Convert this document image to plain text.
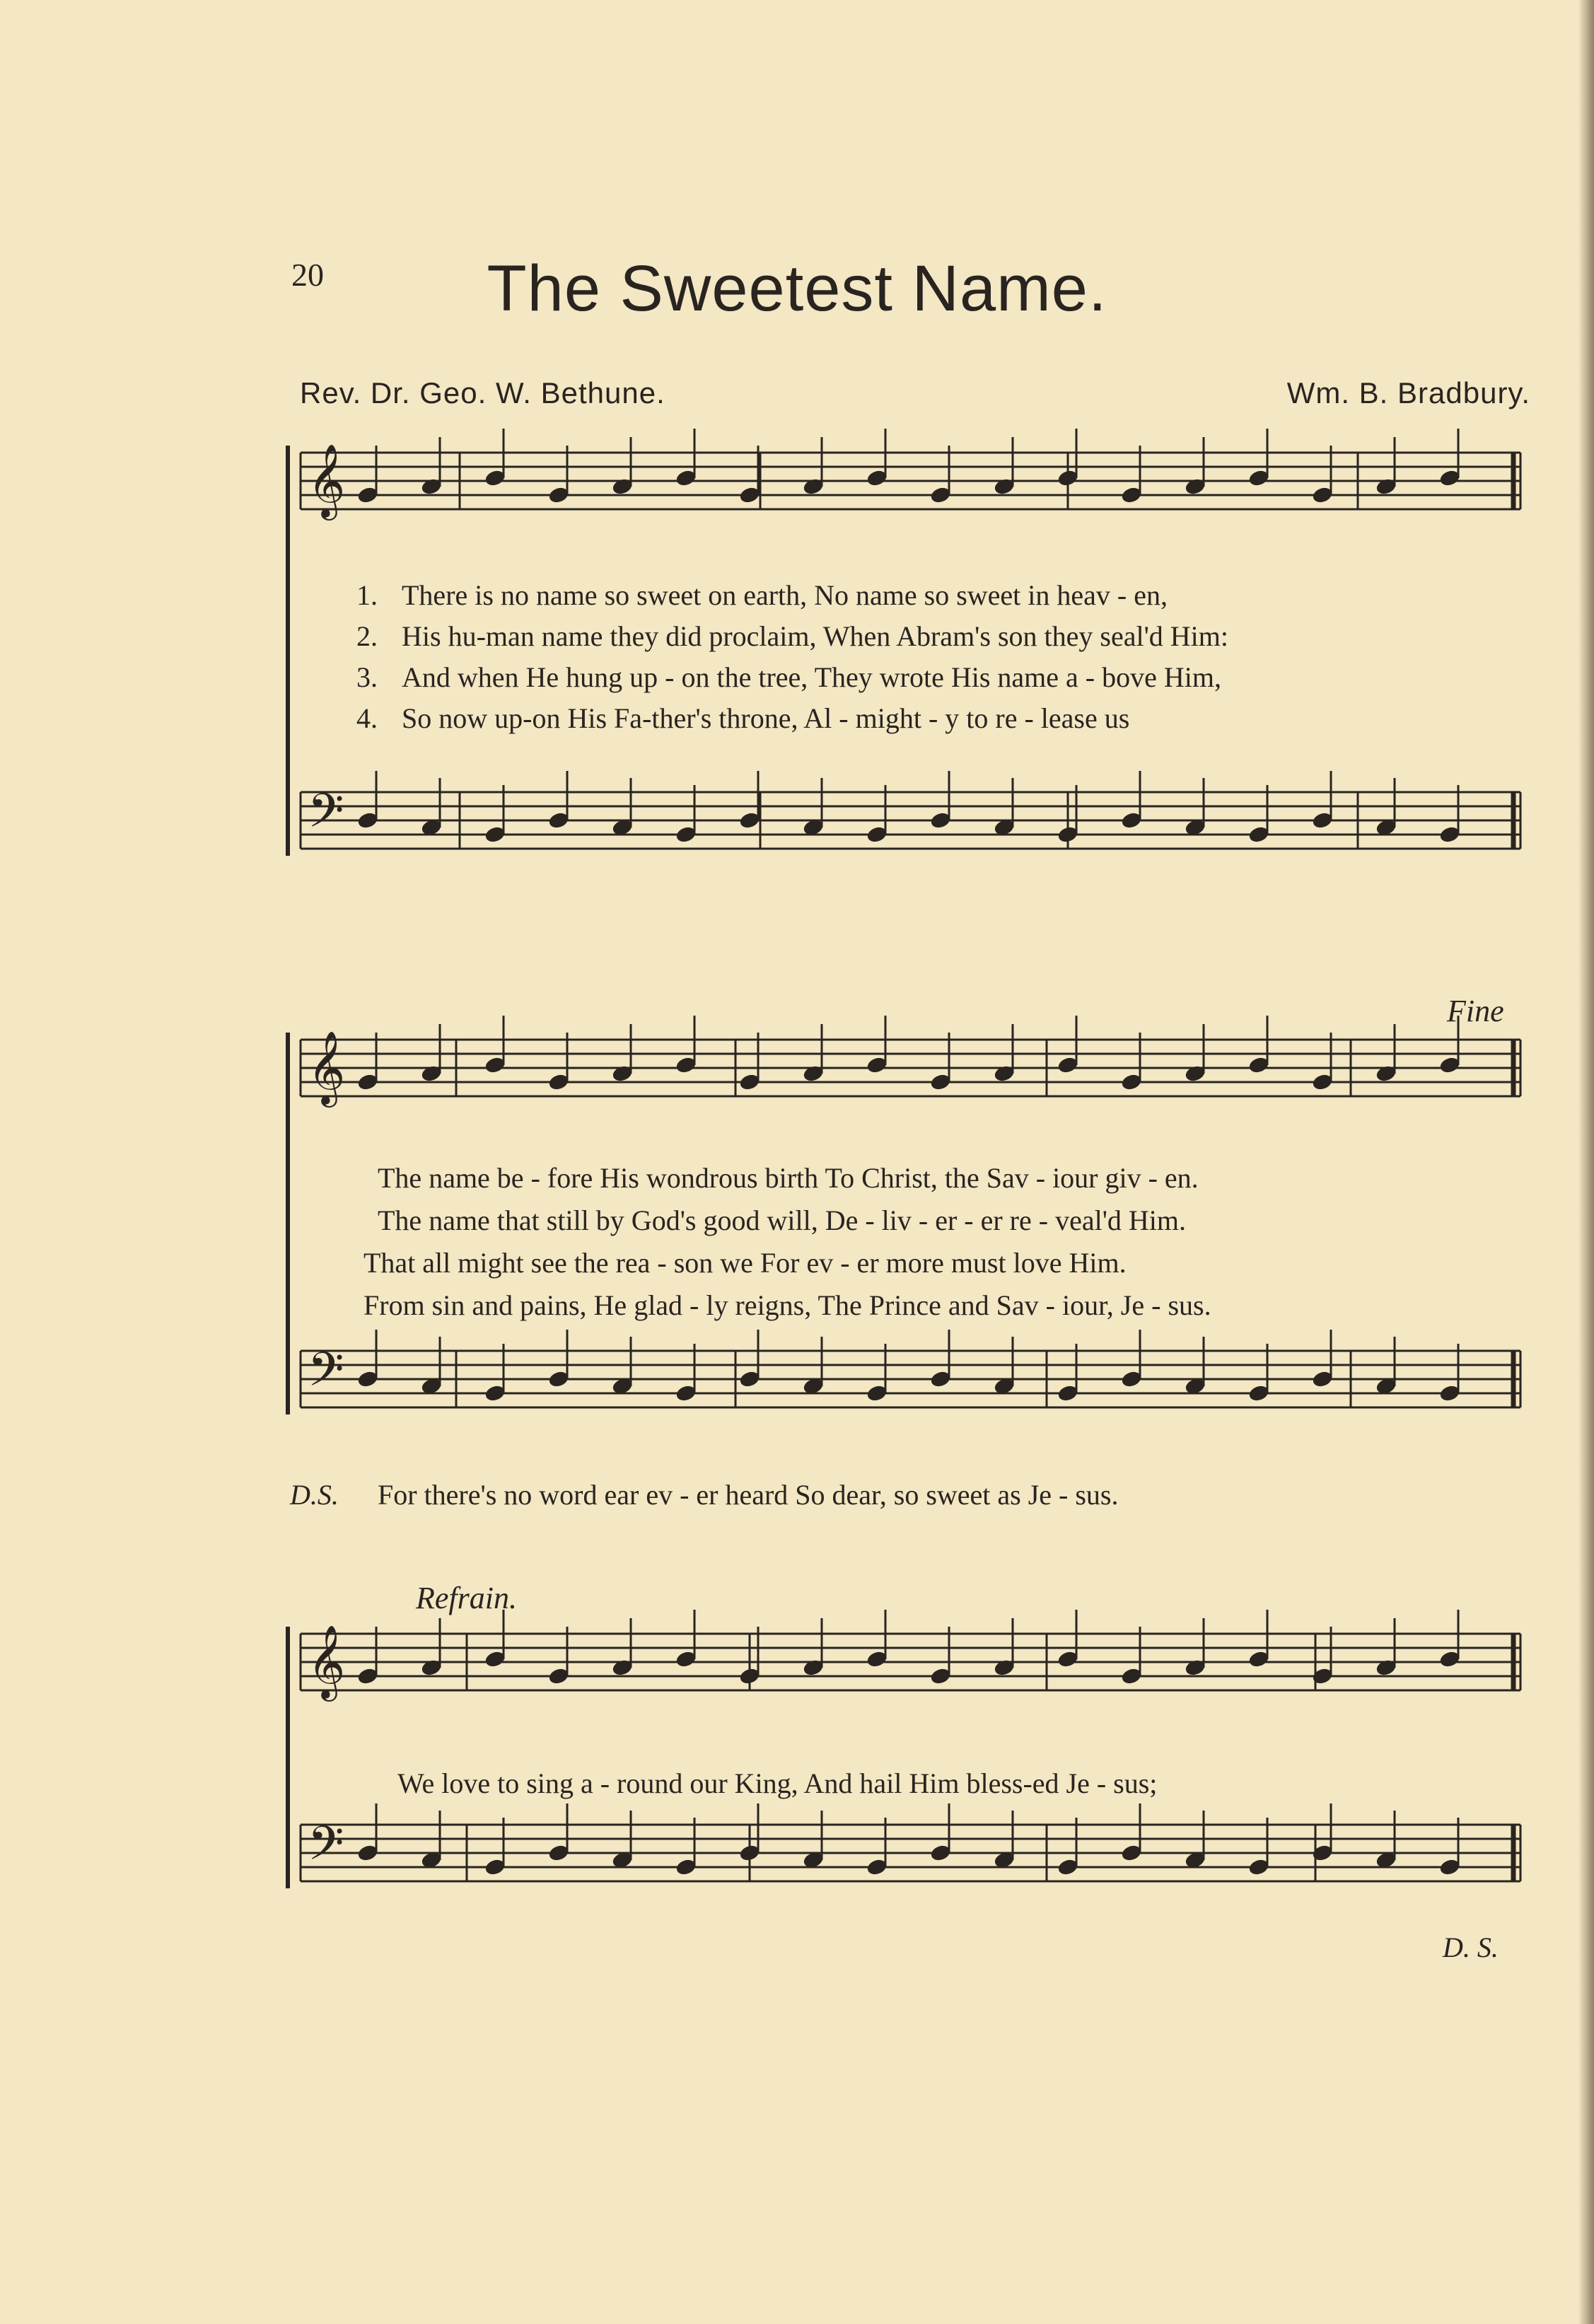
20	The Sweetest Name.
Rev. Dr. Geo. W. Bethune.	Wm. B. Bradbury.
𝄞
𝄢
𝄞
𝄢
𝄞
𝄢
1. There is no name so sweet on earth, No name so sweet in heav - en,
2. His hu-man name they did proclaim, When Abram's son they seal'd Him:
3. And when He hung up - on the tree, They wrote His name a - bove Him,
4. So now up-on His Fa-ther's throne, Al - might - y to re - lease us
Fine
The name be - fore His wondrous birth To Christ, the Sav - iour giv - en.
The name that still by God's good will, De - liv - er - er re - veal'd Him.
That all might see the rea - son we For ev - er more must love Him.
From sin and pains, He glad - ly reigns, The Prince and Sav - iour, Je - sus.
D.S. For there's no word ear ev - er heard So dear, so sweet as Je - sus.
Refrain.
We love to sing a - round our King, And hail Him bless-ed Je - sus;
D. S.
